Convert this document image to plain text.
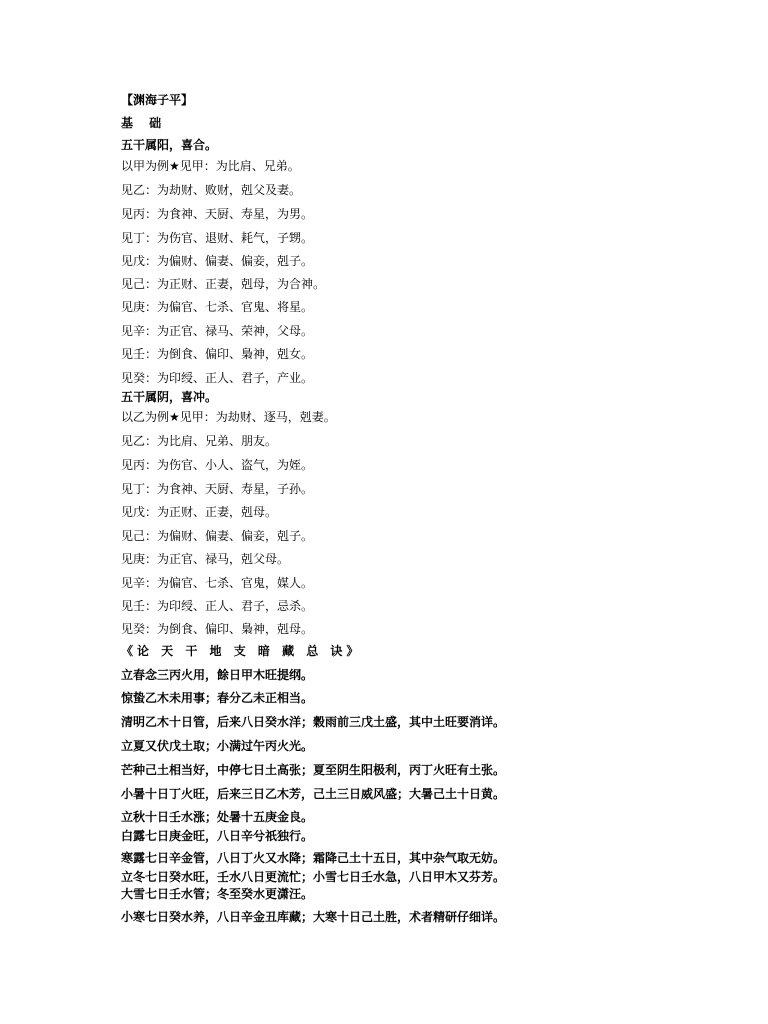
【渊海子平】

基 础

五干属阳，喜合。

以甲为例★见甲：为比肩、兄弟。

见乙：为劫财、败财，剋父及妻。

见丙：为食神、天厨、寿星，为男。

见丁：为伤官、退财、耗气，子甥。

见戊：为偏财、偏妻、偏妾，剋子。

见己：为正财、正妻，剋母，为合神。

见庚：为偏官、七杀、官鬼、将星。

见辛：为正官、禄马、荣神，父母。

见壬：为倒食、偏印、梟神，剋女。

见癸：为印绶、正人、君子，产业。

五干属阴，喜冲。

以乙为例★见甲：为劫财、逐马，剋妻。

见乙：为比肩、兄弟、朋友。

见丙：为伤官、小人、盗气，为姪。

见丁：为食神、天厨、寿星，子孙。

见戊：为正财、正妻，剋母。

见己：为偏财、偏妻、偏妾，剋子。

见庚：为正官、禄马，剋父母。

见辛：为偏官、七杀、官鬼，媒人。

见壬：为印绶、正人、君子，忌杀。

见癸：为倒食、偏印、梟神，剋母。

《论 天 干 地 支 暗 藏 总 诀》

立春念三丙火用，餘日甲木旺提纲。

惊蛰乙木未用事；春分乙未正相当。

清明乙木十日管，后来八日癸水洋；穀雨前三戊土盛，其中土旺要消详。

立夏又伏戊土取；小满过午丙火光。

芒种己土相当好，中停七日土高张；夏至阴生阳极利，丙丁火旺有土张。

小暑十日丁火旺，后来三日乙木芳，己土三日威风盛；大暑己土十日黄。

立秋十日壬水涨；处暑十五庚金良。

白露七日庚金旺，八日辛兮祇独行。

寒露七日辛金管，八日丁火又水降；霜降己土十五日，其中杂气取无妨。

立冬七日癸水旺，壬水八日更流忙；小雪七日壬水急，八日甲木又芬芳。

大雪七日壬水管；冬至癸水更潇汪。

小寒七日癸水养，八日辛金丑库藏；大寒十日己土胜，术者精研仔细详。
